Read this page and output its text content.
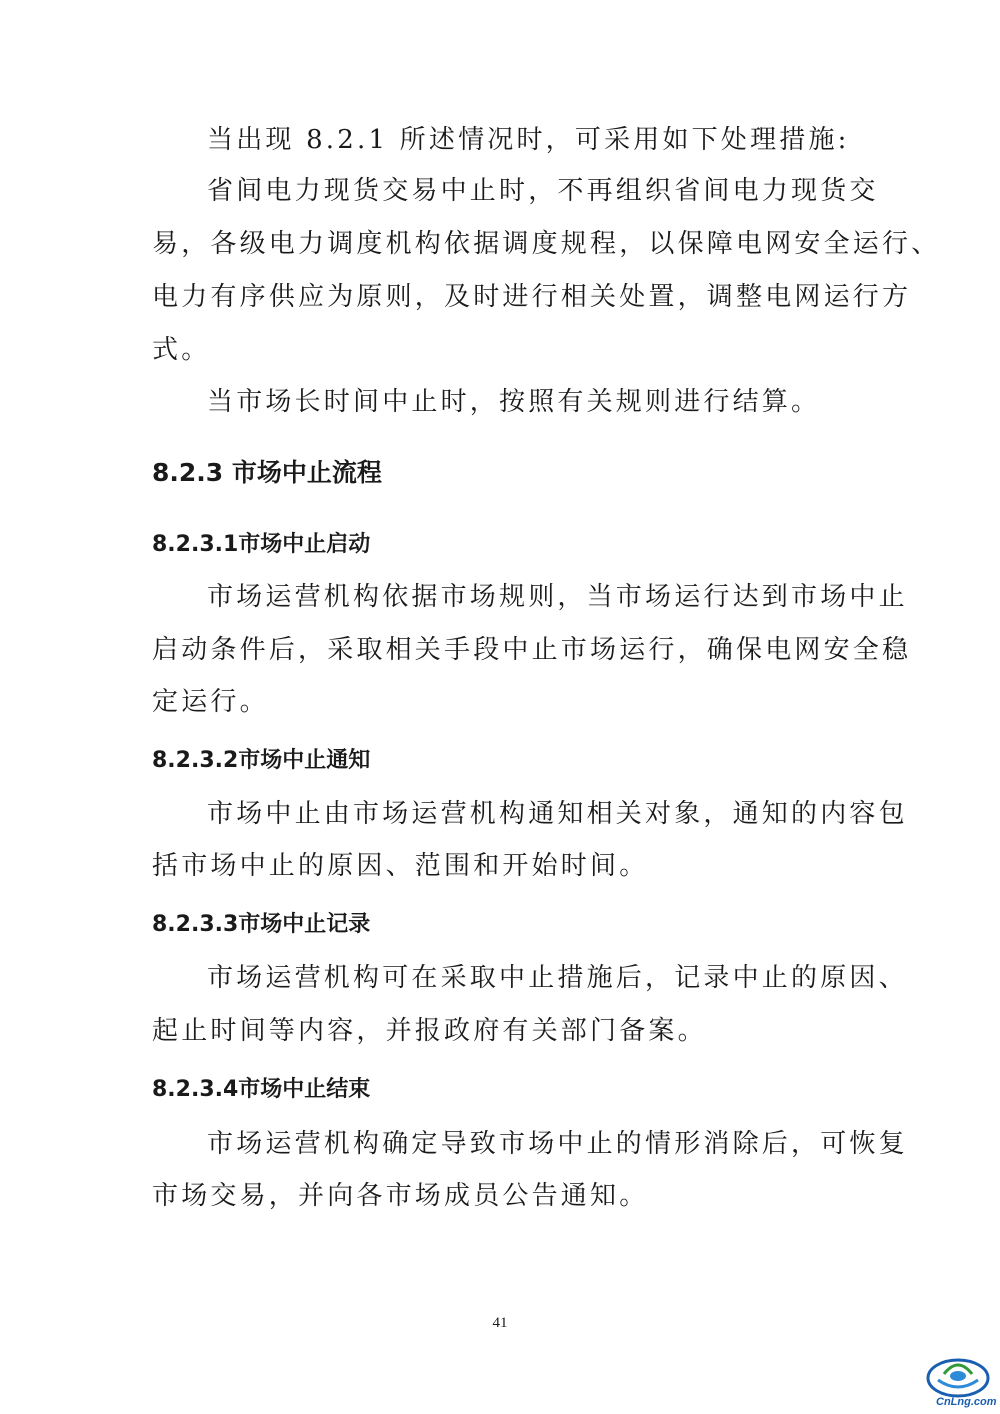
当出现 8.2.1 所述情况时，可采用如下处理措施:
省间电力现货交易中止时，不再组织省间电力现货交
易，各级电力调度机构依据调度规程，以保障电网安全运行、
电力有序供应为原则，及时进行相关处置，调整电网运行方
式。
当市场长时间中止时，按照有关规则进行结算。
8.2.3 市场中止流程
8.2.3.1市场中止启动
市场运营机构依据市场规则，当市场运行达到市场中止
启动条件后，采取相关手段中止市场运行，确保电网安全稳
定运行。
8.2.3.2市场中止通知
市场中止由市场运营机构通知相关对象，通知的内容包
括市场中止的原因、范围和开始时间。
8.2.3.3市场中止记录
市场运营机构可在采取中止措施后，记录中止的原因、
起止时间等内容，并报政府有关部门备案。
8.2.3.4市场中止结束
市场运营机构确定导致市场中止的情形消除后，可恢复
市场交易，并向各市场成员公告通知。
41
CnLng.com
